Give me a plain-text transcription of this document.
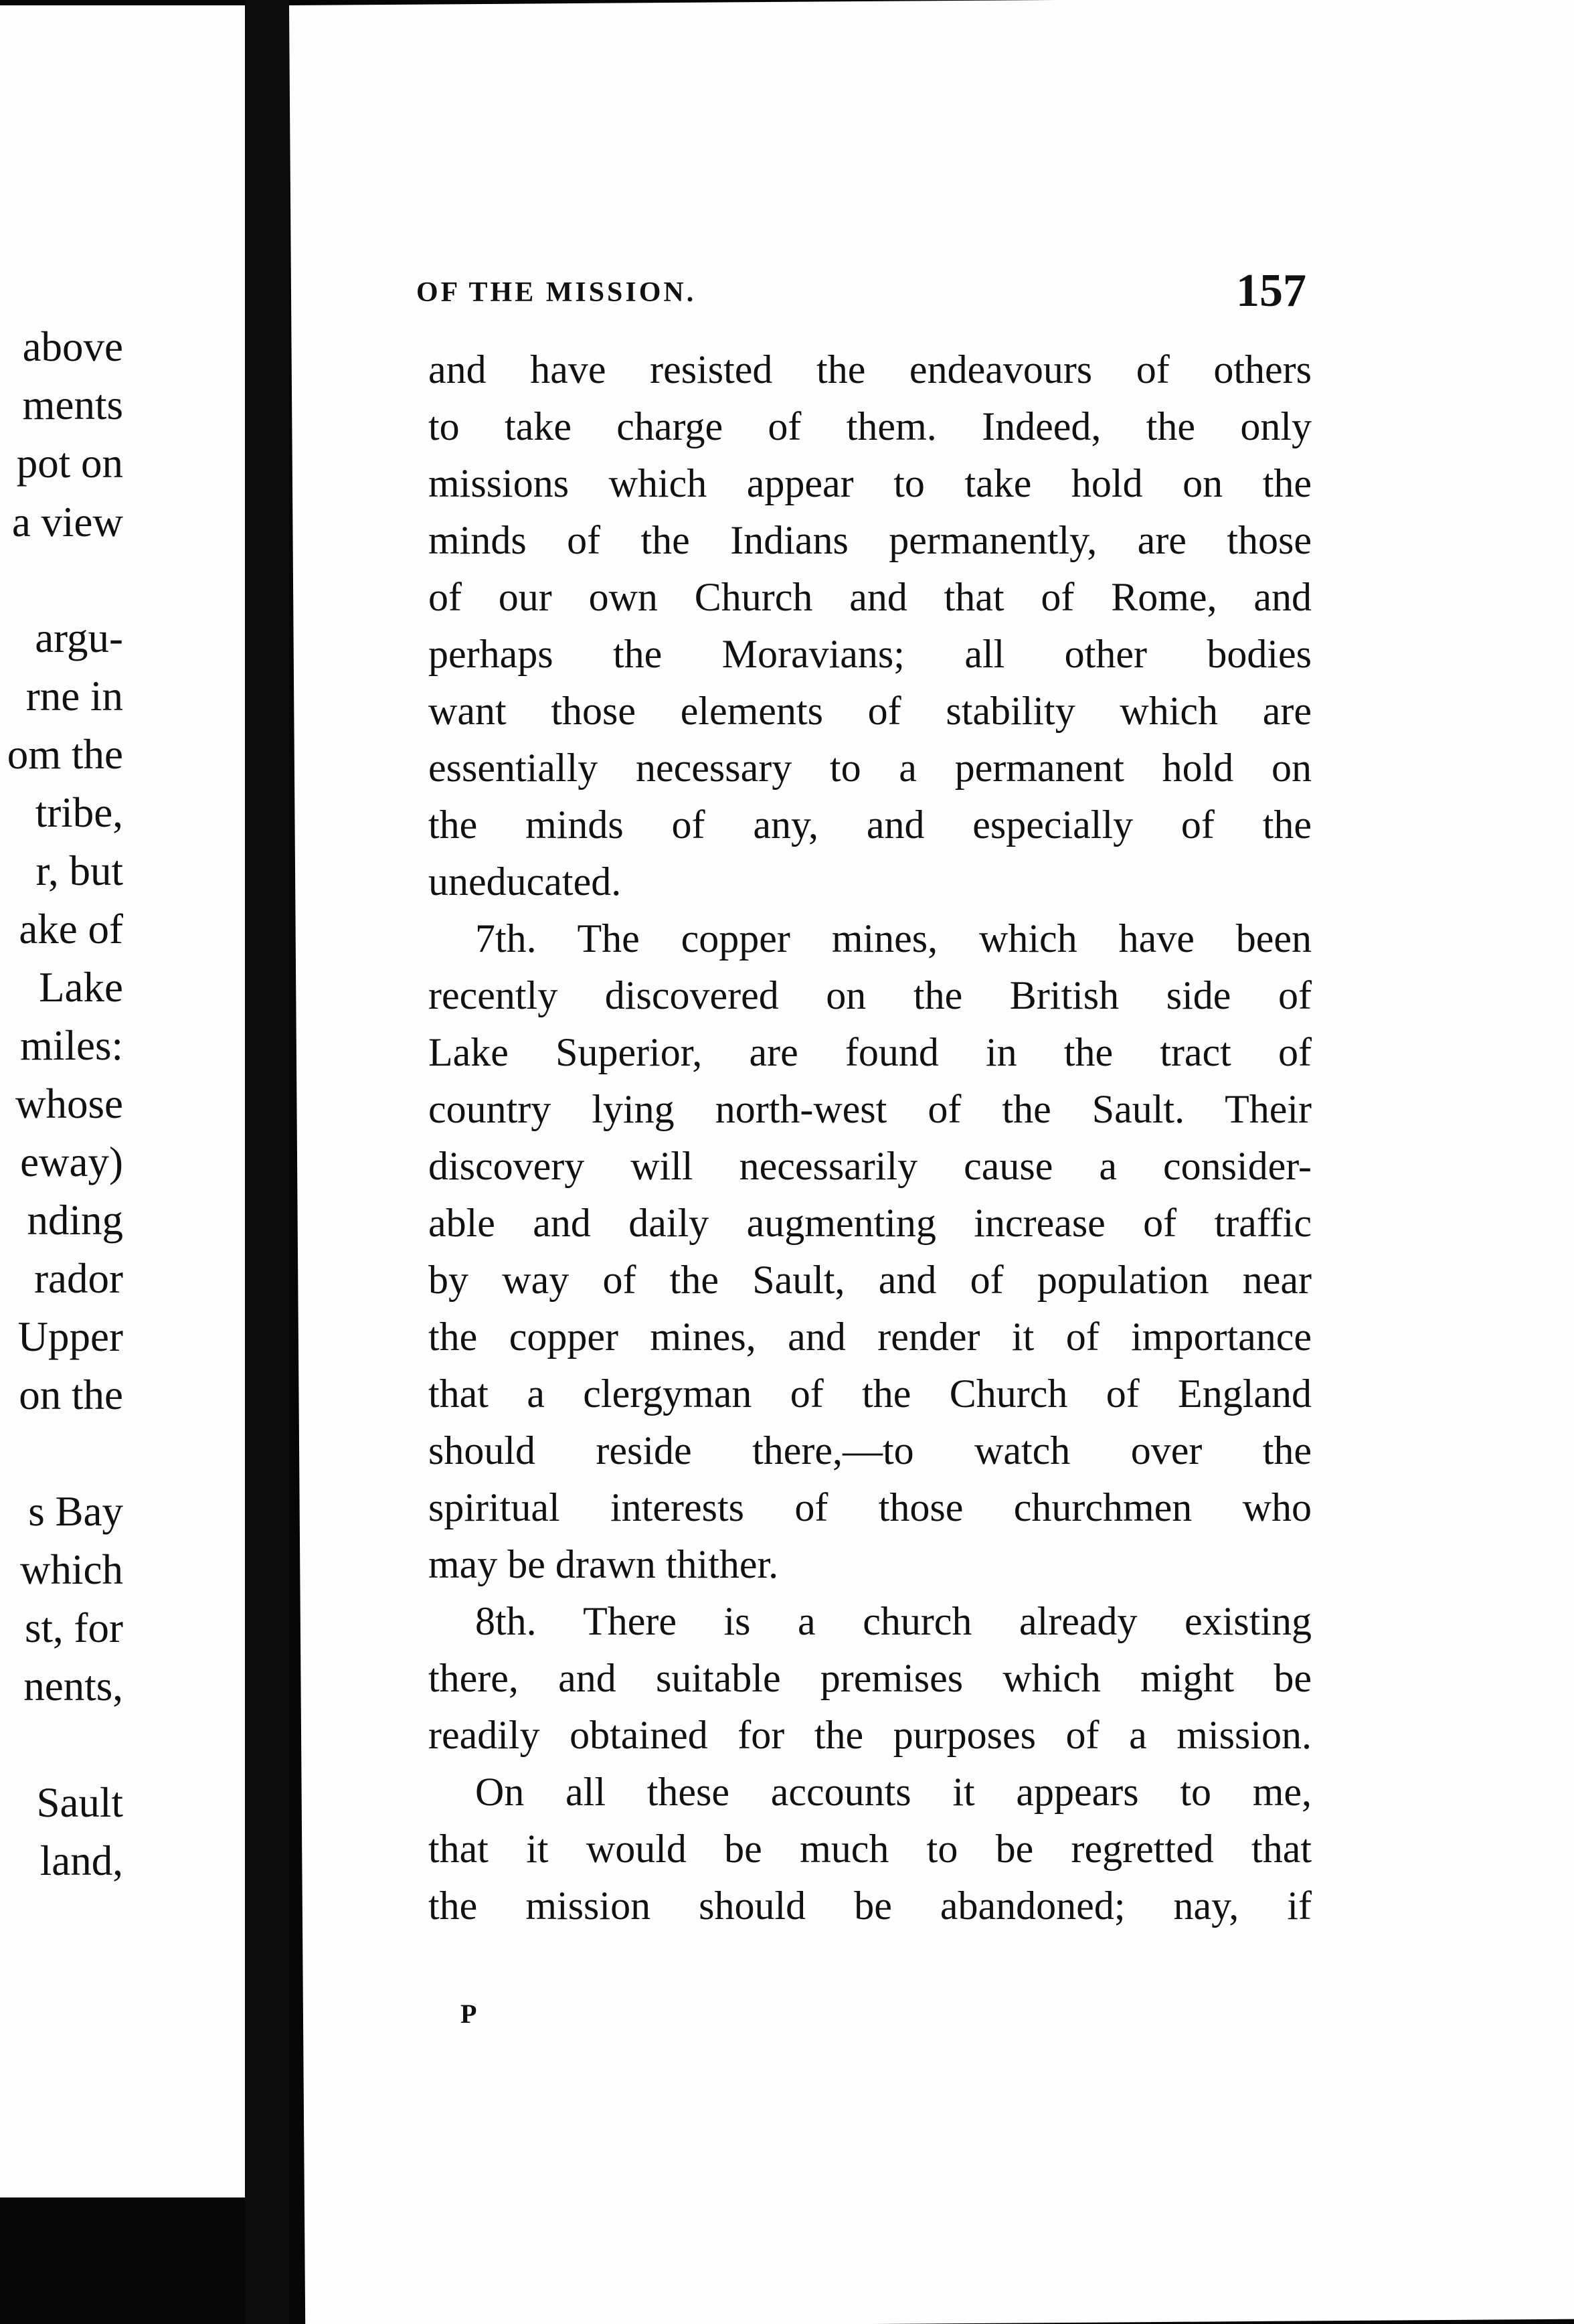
above
ments
pot on
a view
argu-
rne in
om the
tribe,
r, but
ake of
Lake
miles:
whose
eway)
nding
rador
Upper
on the
s Bay
which
st, for
nents,
Sault
land,
OF THE MISSION.	157
and have resisted the endeavours of others
to take charge of them. Indeed, the only
missions which appear to take hold on the
minds of the Indians permanently, are those
of our own Church and that of Rome, and
perhaps the Moravians; all other bodies
want those elements of stability which are
essentially necessary to a permanent hold on
the minds of any, and especially of the
uneducated.
7th. The copper mines, which have been
recently discovered on the British side of
Lake Superior, are found in the tract of
country lying north-west of the Sault. Their
discovery will necessarily cause a consider-
able and daily augmenting increase of traffic
by way of the Sault, and of population near
the copper mines, and render it of importance
that a clergyman of the Church of England
should reside there,—to watch over the
spiritual interests of those churchmen who
may be drawn thither.
8th. There is a church already existing
there, and suitable premises which might be
readily obtained for the purposes of a mission.
On all these accounts it appears to me,
that it would be much to be regretted that
the mission should be abandoned; nay, if
P
